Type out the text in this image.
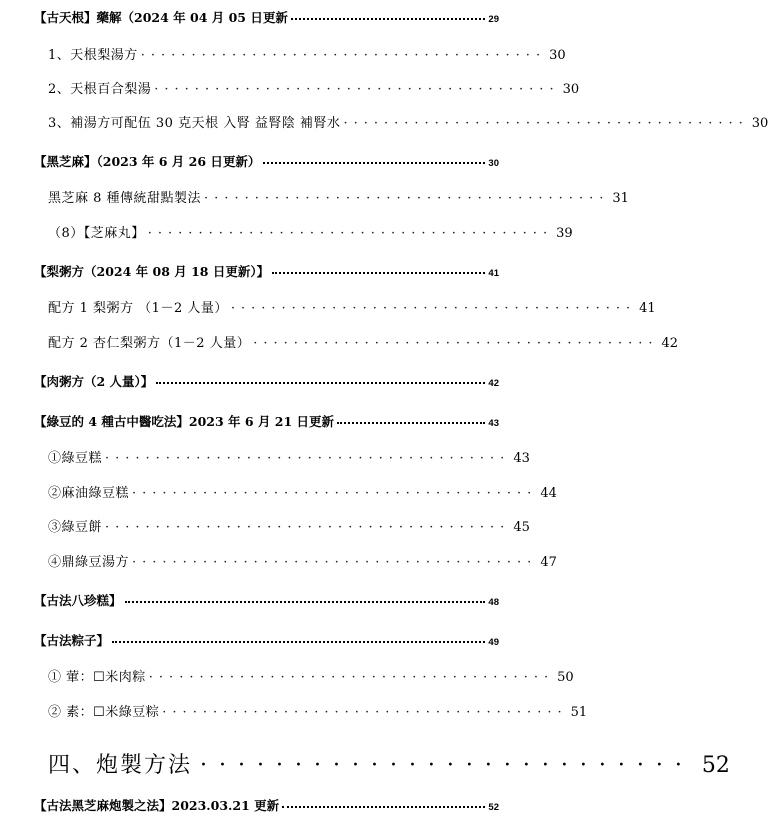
【古天根】藥解（2024 年 04 月 05 日更新	29
1、天根梨湯方 ········································ 30
2、天根百合梨湯 ········································ 30
3、補湯方可配伍 30 克天根 入腎 益腎陰 補腎水 ········································ 30
【黑芝麻】（2023 年 6 月 26 日更新）	30
黑芝麻 8 種傳統甜點製法 ········································ 31
（8）【芝麻丸】 ········································ 39
【梨粥方（2024 年 08 月 18 日更新）】	41
配方 1 梨粥方 （1－2 人量） ········································ 41
配方 2 杏仁梨粥方（1－2 人量） ········································ 42
【肉粥方（2 人量）】	42
【綠豆的 4 種古中醫吃法】2023 年 6 月 21 日更新	43
①綠豆糕 ········································ 43
②麻油綠豆糕 ········································ 44
③綠豆餅 ········································ 45
④鼎綠豆湯方 ········································ 47
【古法八珍糕】	48
【古法粽子】	49
① 葷：☐米肉粽 ········································ 50
② 素：☐米綠豆粽 ········································ 51
四、炮製方法 ·························· 52
【古法黑芝麻炮製之法】2023.03.21 更新	52
